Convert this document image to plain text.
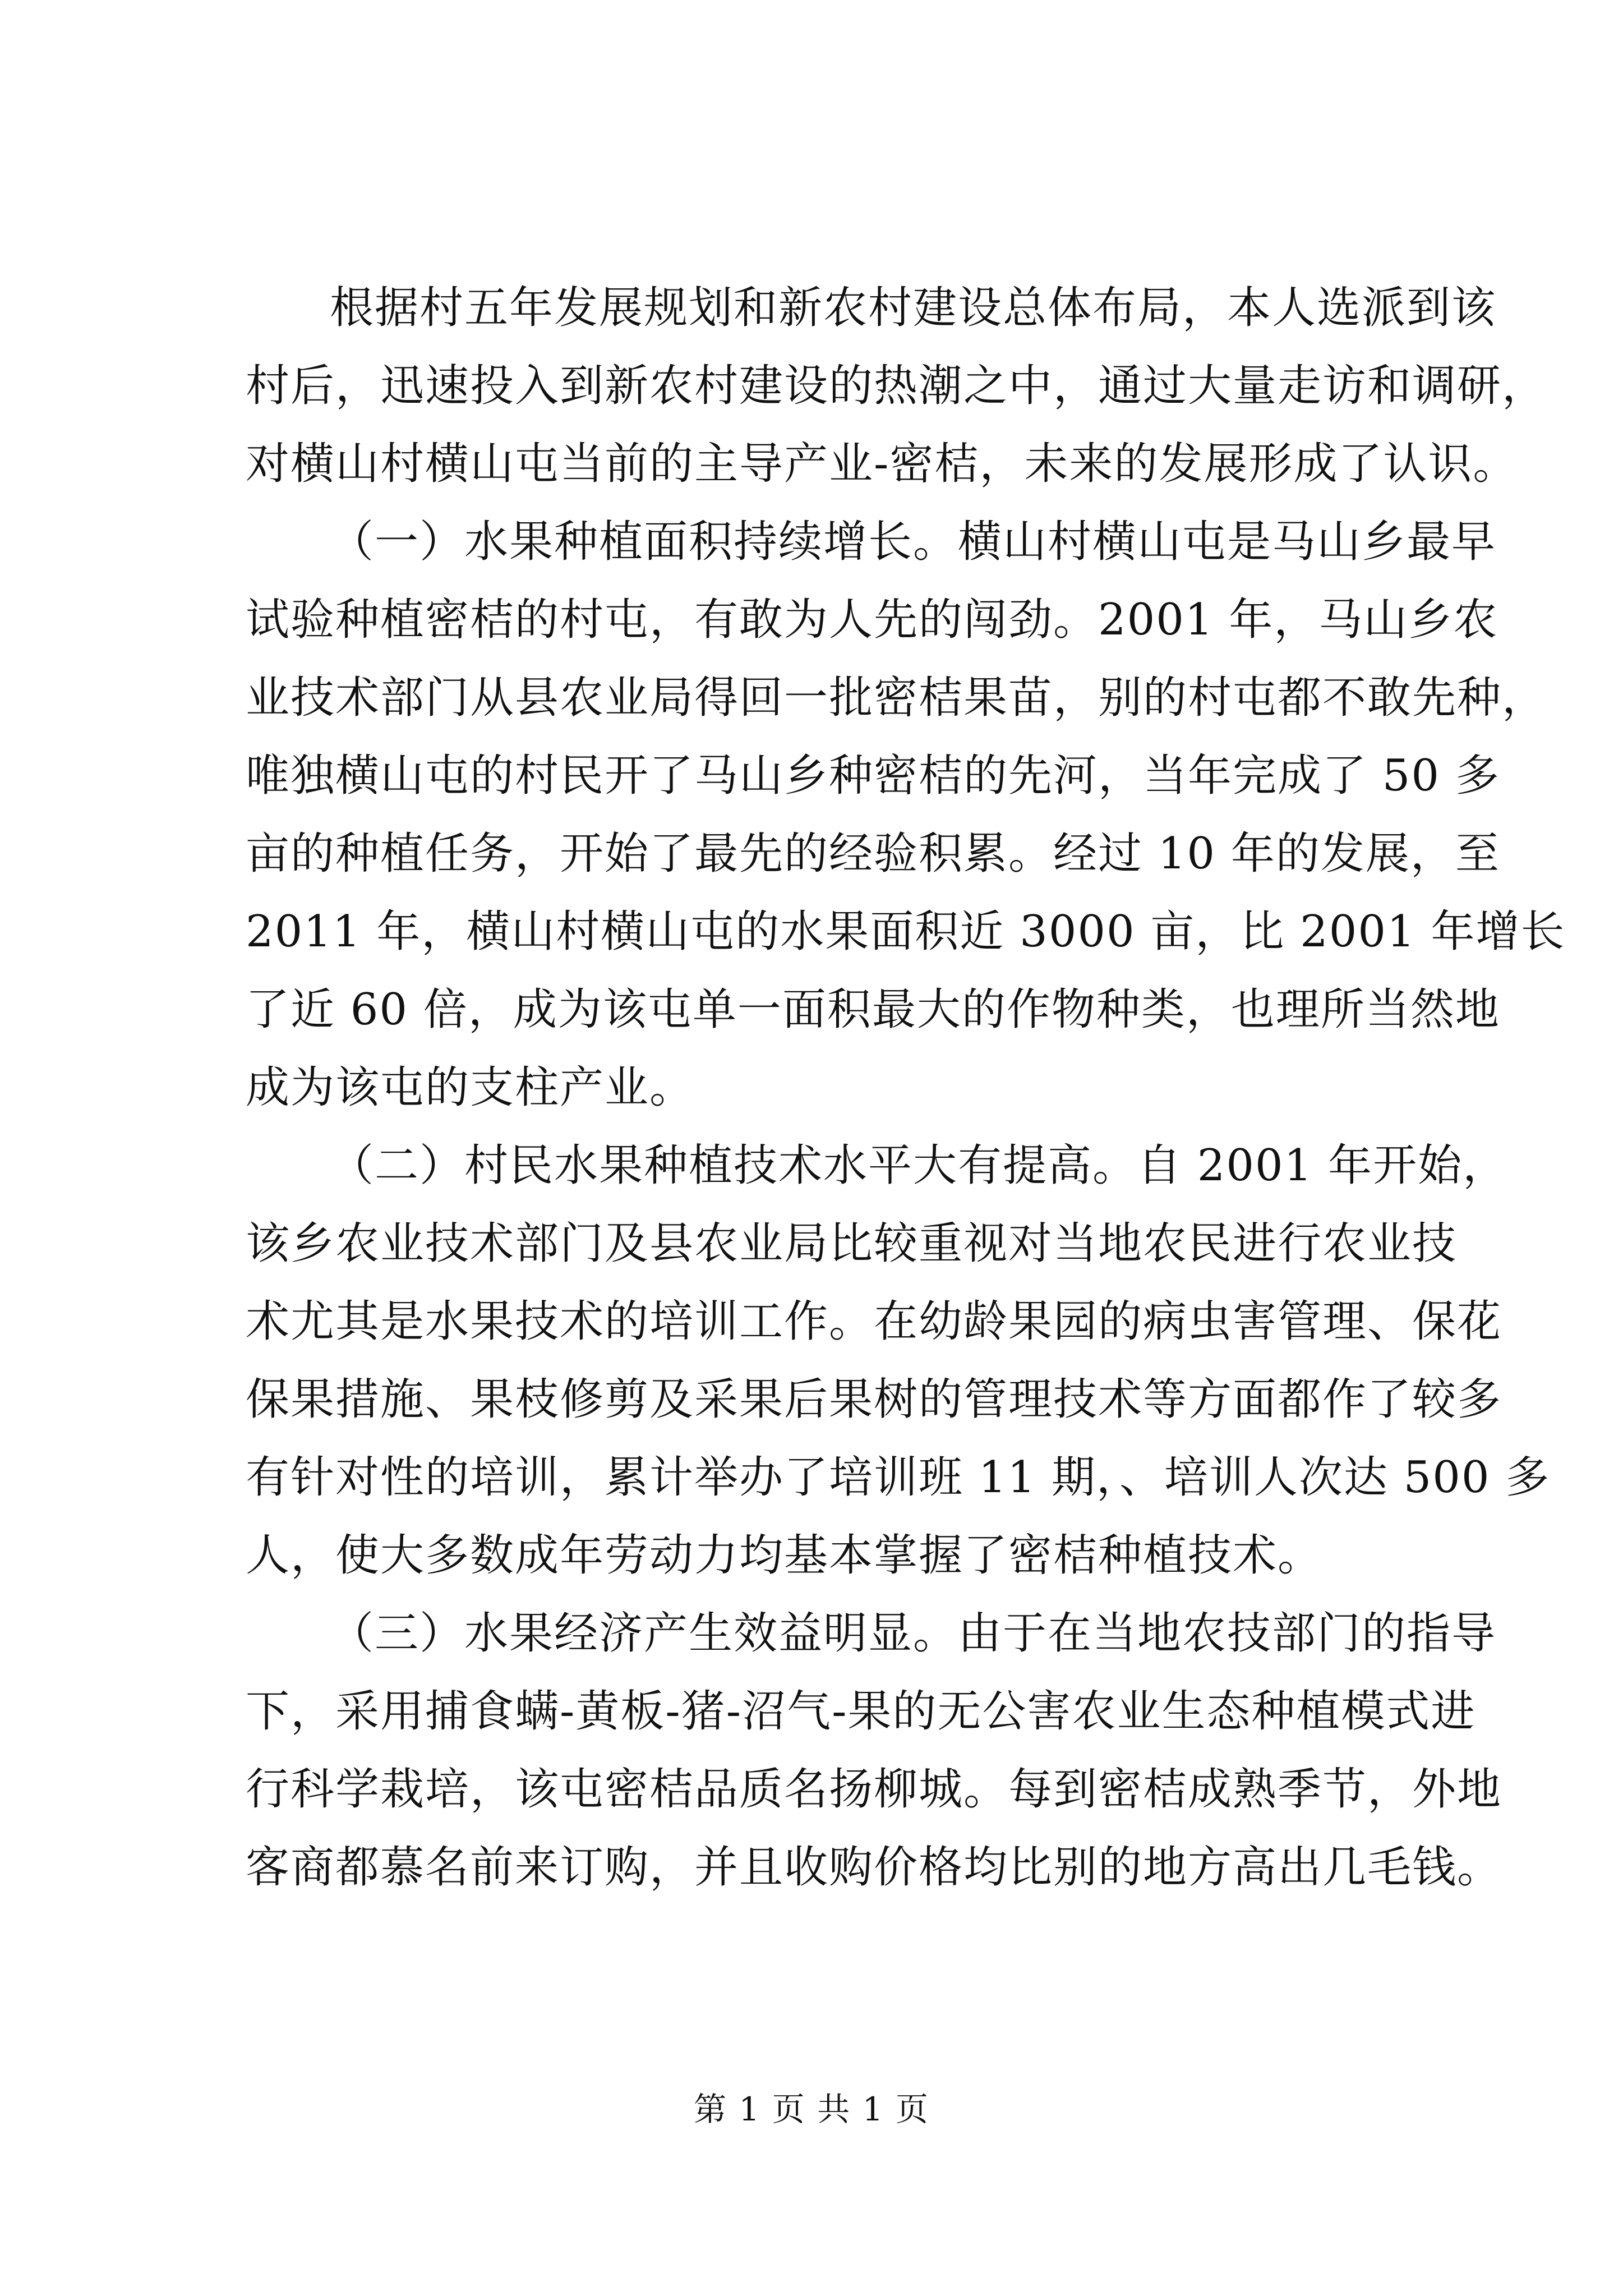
根据村五年发展规划和新农村建设总体布局，本人选派到该
村后，迅速投入到新农村建设的热潮之中，通过大量走访和调研，
对横山村横山屯当前的主导产业-密桔，未来的发展形成了认识。
（一）水果种植面积持续增长。横山村横山屯是马山乡最早
试验种植密桔的村屯，有敢为人先的闯劲。2001 年，马山乡农
业技术部门从县农业局得回一批密桔果苗，别的村屯都不敢先种，
唯独横山屯的村民开了马山乡种密桔的先河，当年完成了 50 多
亩的种植任务，开始了最先的经验积累。经过 10 年的发展，至
2011 年，横山村横山屯的水果面积近 3000 亩，比 2001 年增长
了近 60 倍，成为该屯单一面积最大的作物种类，也理所当然地
成为该屯的支柱产业。
（二）村民水果种植技术水平大有提高。自 2001 年开始，
该乡农业技术部门及县农业局比较重视对当地农民进行农业技
术尤其是水果技术的培训工作。在幼龄果园的病虫害管理、保花
保果措施、果枝修剪及采果后果树的管理技术等方面都作了较多
有针对性的培训，累计举办了培训班 11 期，、培训人次达 500 多
人，使大多数成年劳动力均基本掌握了密桔种植技术。
（三）水果经济产生效益明显。由于在当地农技部门的指导
下，采用捕食螨-黄板-猪-沼气-果的无公害农业生态种植模式进
行科学栽培，该屯密桔品质名扬柳城。每到密桔成熟季节，外地
客商都慕名前来订购，并且收购价格均比别的地方高出几毛钱。
第 1 页 共 1 页
